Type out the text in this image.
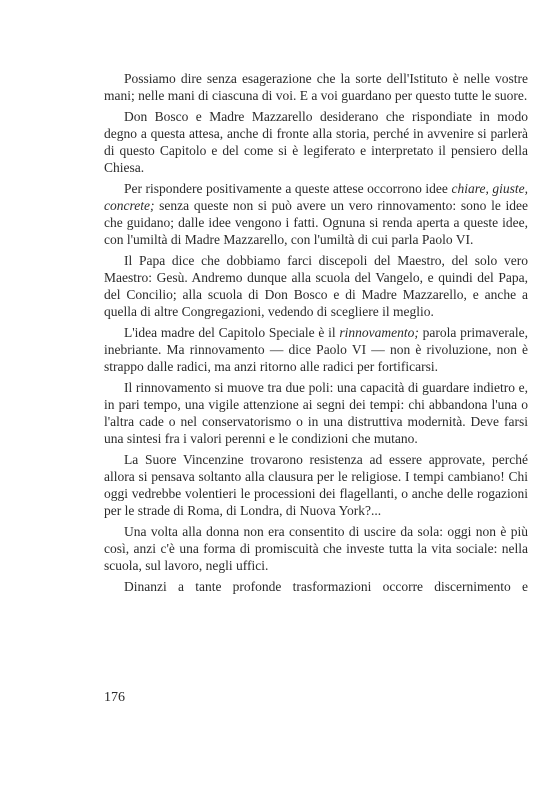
Possiamo dire senza esagerazione che la sorte dell'Istituto è nelle vostre mani; nelle mani di ciascuna di voi. E a voi guardano per questo tutte le suore.

Don Bosco e Madre Mazzarello desiderano che rispondiate in modo degno a questa attesa, anche di fronte alla storia, perché in avvenire si parlerà di questo Capitolo e del come si è legiferato e interpretato il pensiero della Chiesa.

Per rispondere positivamente a queste attese occorrono idee chiare, giuste, concrete; senza queste non si può avere un vero rinnovamento: sono le idee che guidano; dalle idee vengono i fatti. Ognuna si renda aperta a queste idee, con l'umiltà di Madre Mazzarello, con l'umiltà di cui parla Paolo VI.

Il Papa dice che dobbiamo farci discepoli del Maestro, del solo vero Maestro: Gesù. Andremo dunque alla scuola del Vangelo, e quindi del Papa, del Concilio; alla scuola di Don Bosco e di Madre Mazzarello, e anche a quella di altre Congregazioni, vedendo di scegliere il meglio.

L'idea madre del Capitolo Speciale è il rinnovamento; parola primaverale, inebriante. Ma rinnovamento — dice Paolo VI — non è rivoluzione, non è strappo dalle radici, ma anzi ritorno alle radici per fortificarsi.

Il rinnovamento si muove tra due poli: una capacità di guardare indietro e, in pari tempo, una vigile attenzione ai segni dei tempi: chi abbandona l'una o l'altra cade o nel conservatorismo o in una distruttiva modernità. Deve farsi una sintesi fra i valori perenni e le condizioni che mutano.

La Suore Vincenzine trovarono resistenza ad essere approvate, perché allora si pensava soltanto alla clausura per le religiose. I tempi cambiano! Chi oggi vedrebbe volentieri le processioni dei flagellanti, o anche delle rogazioni per le strade di Roma, di Londra, di Nuova York?...

Una volta alla donna non era consentito di uscire da sola: oggi non è più così, anzi c'è una forma di promiscuità che investe tutta la vita sociale: nella scuola, sul lavoro, negli uffici.

Dinanzi a tante profonde trasformazioni occorre discernimento e

176
